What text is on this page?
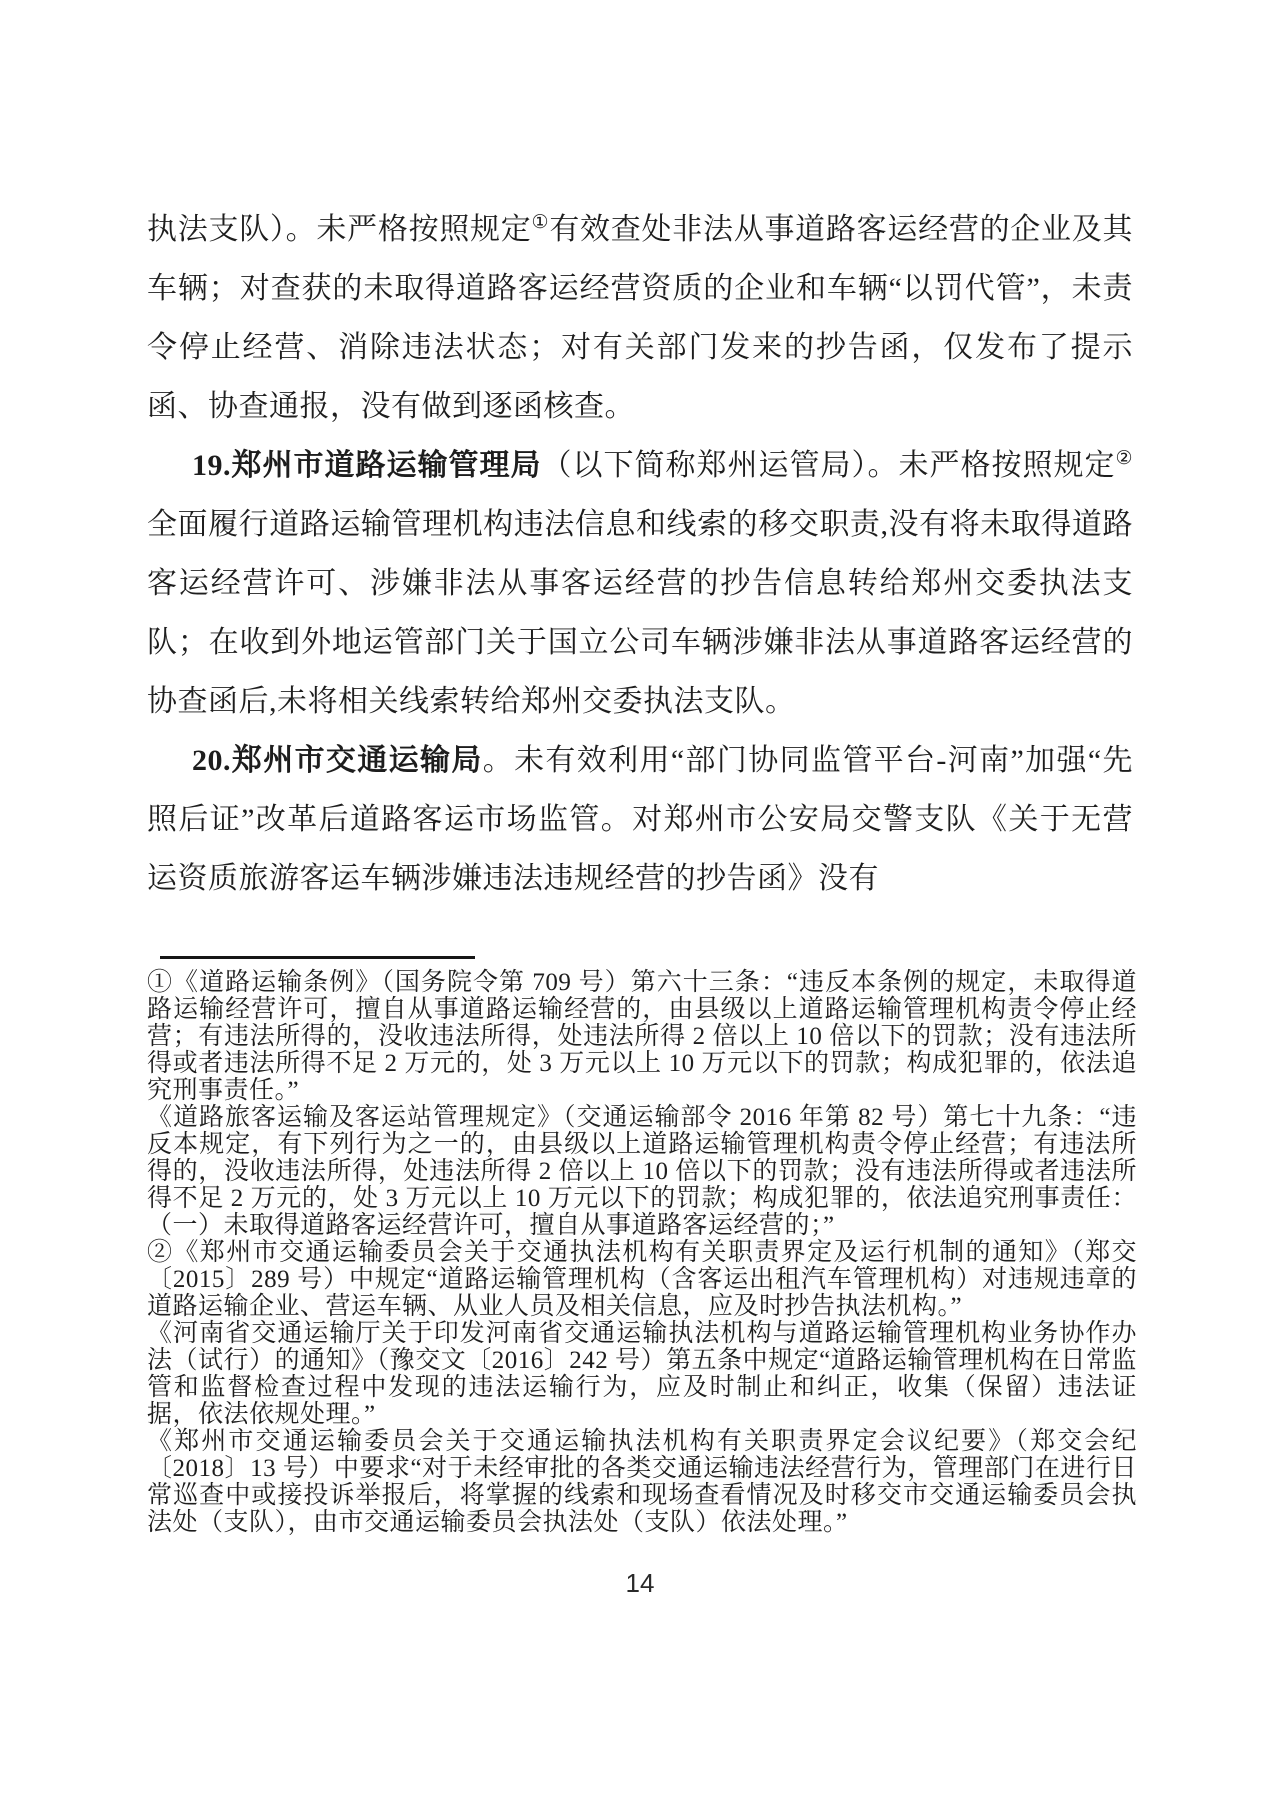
执法支队）。未严格按照规定①有效查处非法从事道路客运经营的企业及其车辆；对查获的未取得道路客运经营资质的企业和车辆“以罚代管”，未责令停止经营、消除违法状态；对有关部门发来的抄告函，仅发布了提示函、协查通报，没有做到逐函核查。

19.郑州市道路运输管理局（以下简称郑州运管局）。未严格按照规定②全面履行道路运输管理机构违法信息和线索的移交职责,没有将未取得道路客运经营许可、涉嫌非法从事客运经营的抄告信息转给郑州交委执法支队；在收到外地运管部门关于国立公司车辆涉嫌非法从事道路客运经营的协查函后,未将相关线索转给郑州交委执法支队。

20.郑州市交通运输局。未有效利用“部门协同监管平台-河南”加强“先照后证”改革后道路客运市场监管。对郑州市公安局交警支队《关于无营运资质旅游客运车辆涉嫌违法违规经营的抄告函》没有

①《道路运输条例》（国务院令第 709 号）第六十三条：“违反本条例的规定，未取得道路运输经营许可，擅自从事道路运输经营的，由县级以上道路运输管理机构责令停止经营；有违法所得的，没收违法所得，处违法所得 2 倍以上 10 倍以下的罚款；没有违法所得或者违法所得不足 2 万元的，处 3 万元以上 10 万元以下的罚款；构成犯罪的，依法追究刑事责任。”

《道路旅客运输及客运站管理规定》（交通运输部令 2016 年第 82 号）第七十九条：“违反本规定，有下列行为之一的，由县级以上道路运输管理机构责令停止经营；有违法所得的，没收违法所得，处违法所得 2 倍以上 10 倍以下的罚款；没有违法所得或者违法所得不足 2 万元的，处 3 万元以上 10 万元以下的罚款；构成犯罪的，依法追究刑事责任：（一）未取得道路客运经营许可，擅自从事道路客运经营的；”

②《郑州市交通运输委员会关于交通执法机构有关职责界定及运行机制的通知》（郑交〔2015〕289 号）中规定“道路运输管理机构（含客运出租汽车管理机构）对违规违章的道路运输企业、营运车辆、从业人员及相关信息，应及时抄告执法机构。”

《河南省交通运输厅关于印发河南省交通运输执法机构与道路运输管理机构业务协作办法（试行）的通知》（豫交文〔2016〕242 号）第五条中规定“道路运输管理机构在日常监管和监督检查过程中发现的违法运输行为，应及时制止和纠正，收集（保留）违法证据，依法依规处理。”

《郑州市交通运输委员会关于交通运输执法机构有关职责界定会议纪要》（郑交会纪〔2018〕13 号）中要求“对于未经审批的各类交通运输违法经营行为，管理部门在进行日常巡查中或接投诉举报后，将掌握的线索和现场查看情况及时移交市交通运输委员会执法处（支队），由市交通运输委员会执法处（支队）依法处理。”

14
